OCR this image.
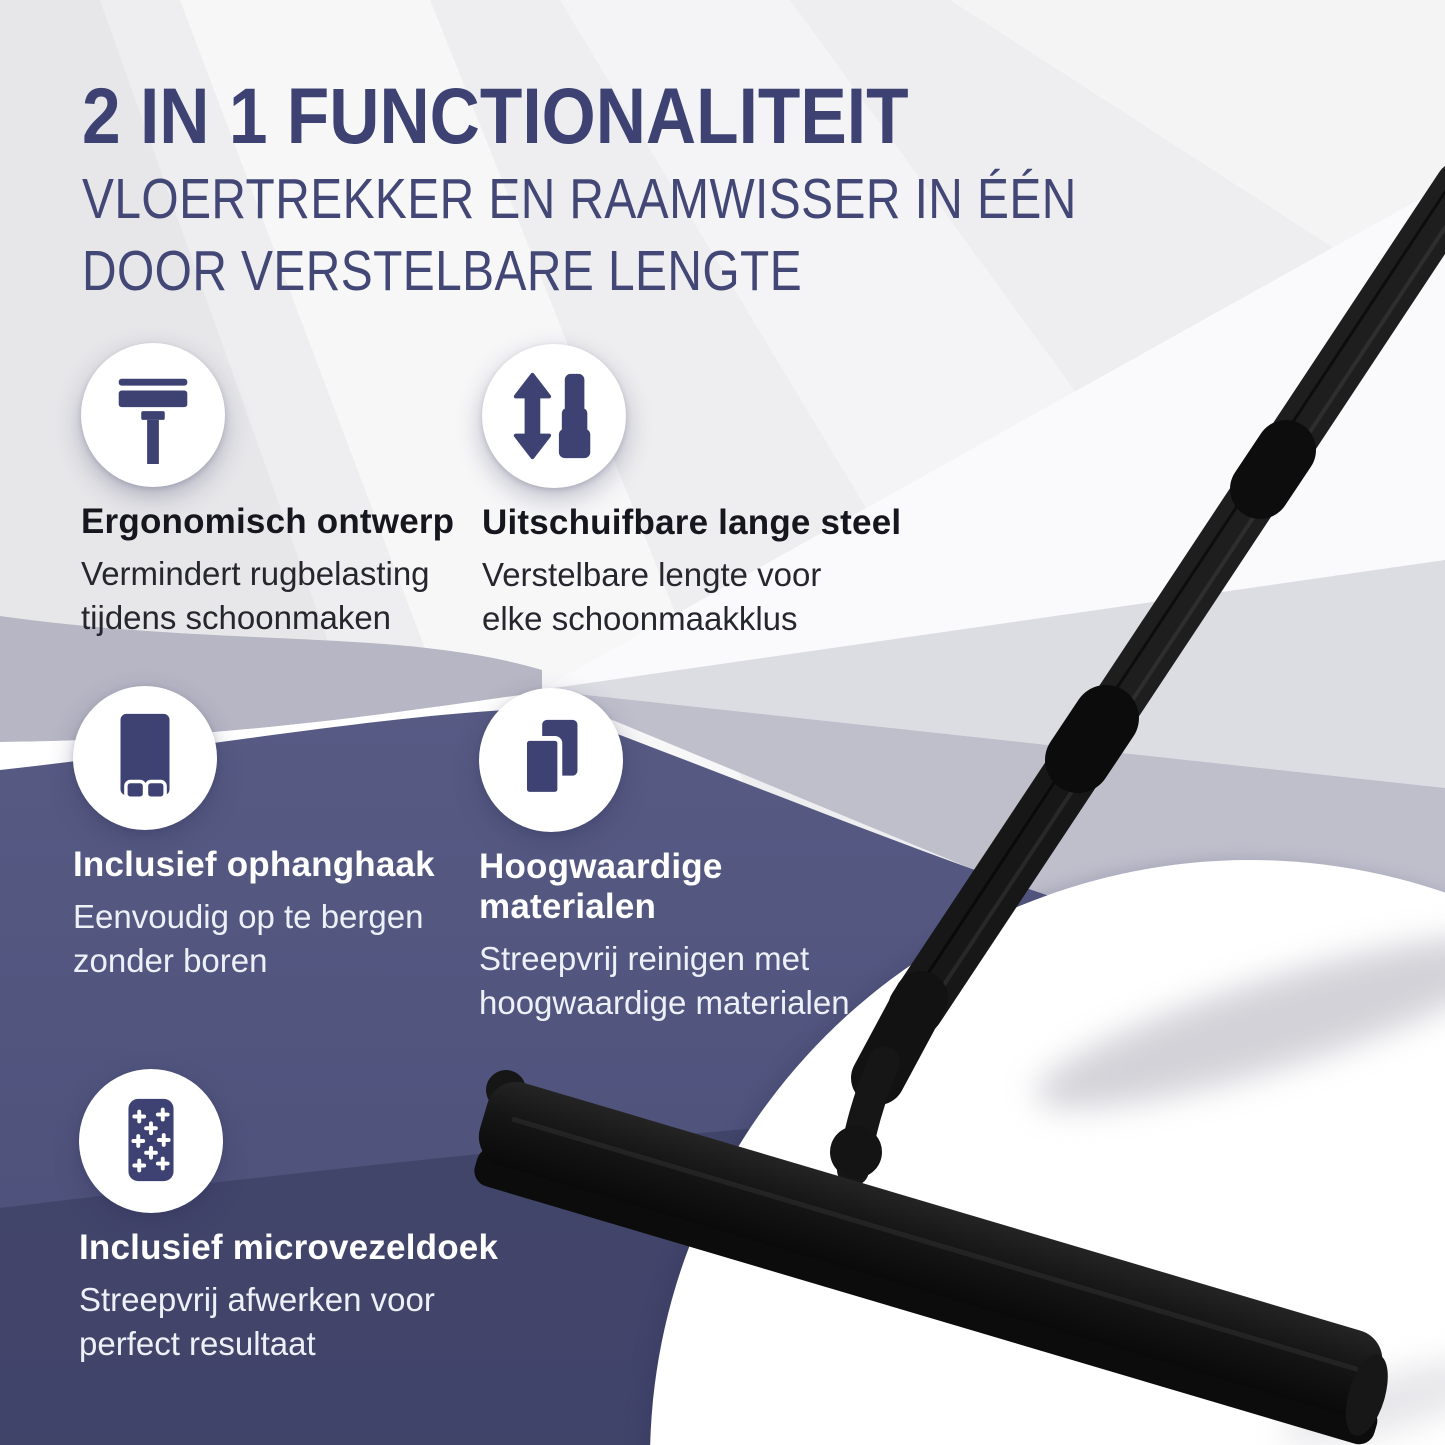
2 IN 1 FUNCTIONALITEIT
VLOERTREKKER EN RAAMWISSER IN ÉÉN
DOOR VERSTELBARE LENGTE
Ergonomisch ontwerp
Vermindert rugbelasting
tijdens schoonmaken
Uitschuifbare lange steel
Verstelbare lengte voor
elke schoonmaakklus
Inclusief ophanghaak
Eenvoudig op te bergen
zonder boren
Hoogwaardige materialen
Streepvrij reinigen met
hoogwaardige materialen
Inclusief microvezeldoek
Streepvrij afwerken voor
perfect resultaat
